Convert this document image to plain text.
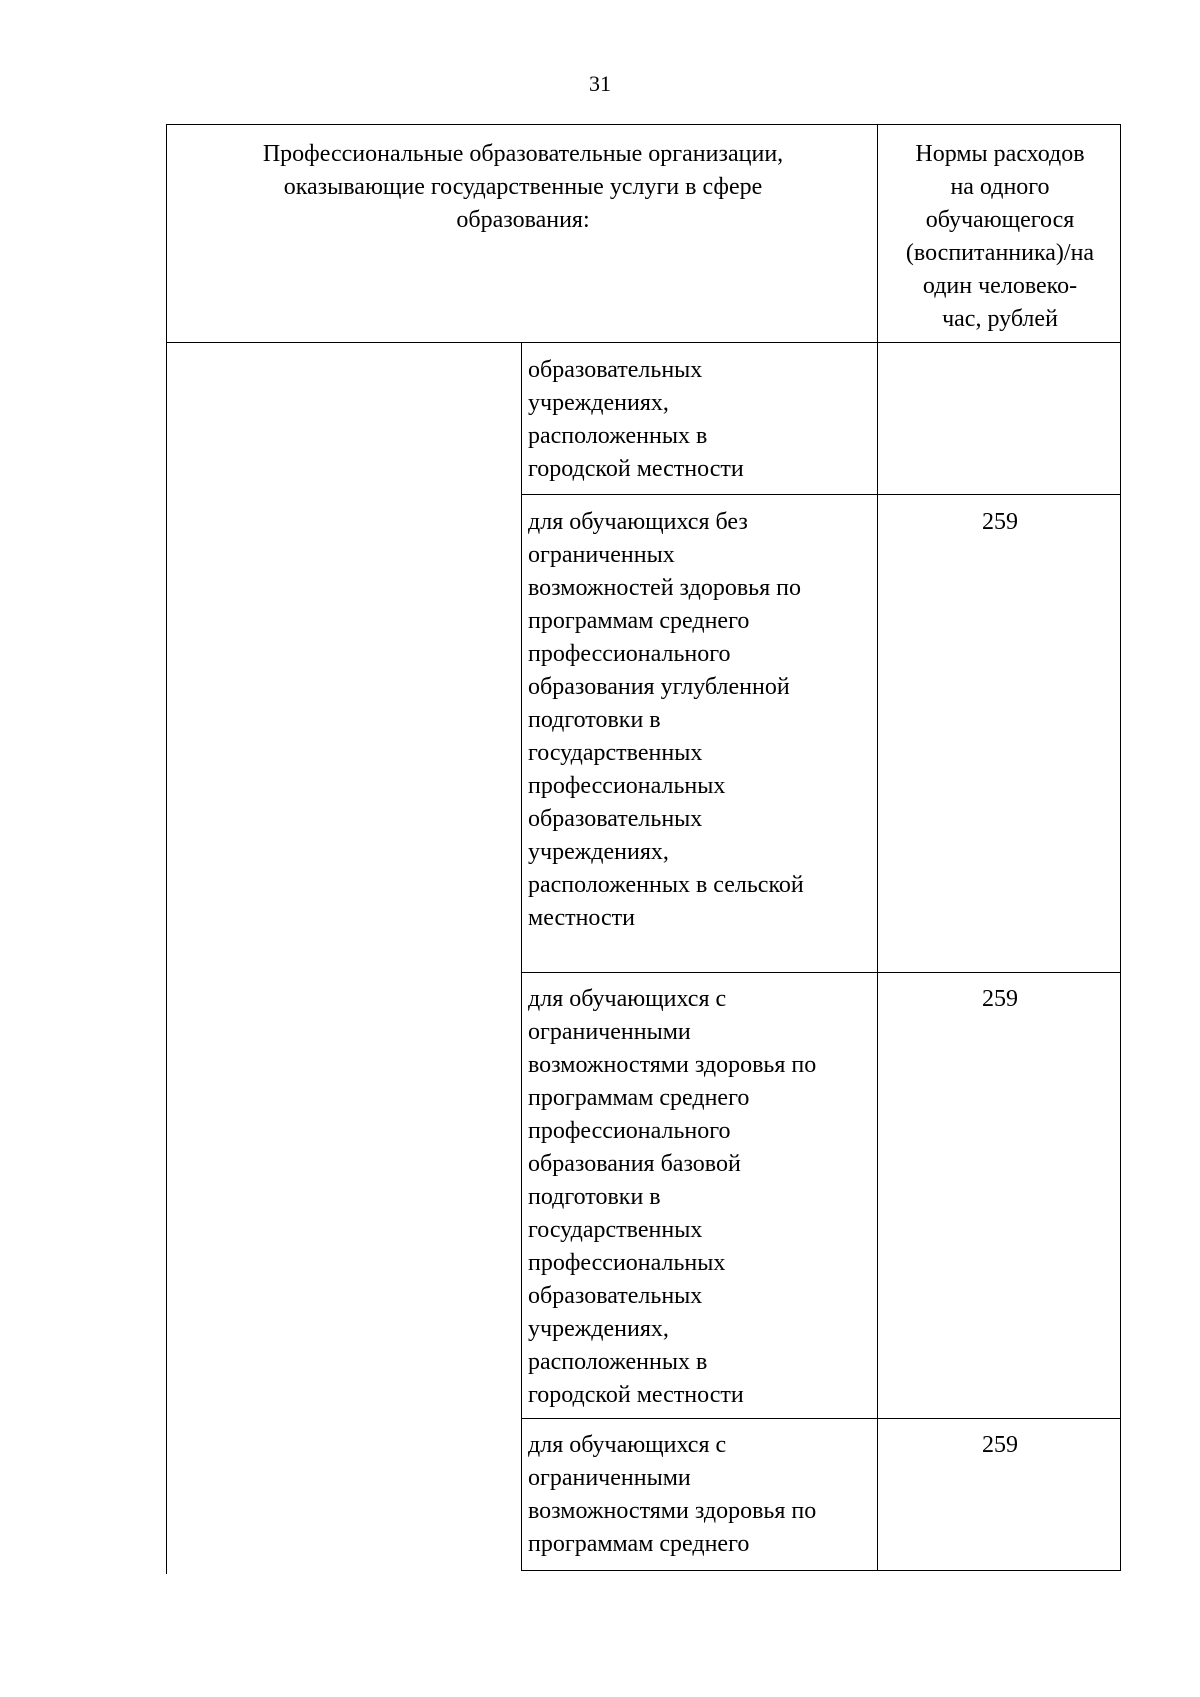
31
Профессиональные образовательные организации,
оказывающие государственные услуги в сфере
образования:
Нормы расходов
на одного
обучающегося
(воспитанника)/на
один человеко-
час, рублей
образовательных
учреждениях,
расположенных в
городской местности
для обучающихся без
ограниченных
возможностей здоровья по
программам среднего
профессионального
образования углубленной
подготовки в
государственных
профессиональных
образовательных
учреждениях,
расположенных в сельской
местности
259
для обучающихся с
ограниченными
возможностями здоровья по
программам среднего
профессионального
образования базовой
подготовки в
государственных
профессиональных
образовательных
учреждениях,
расположенных в
городской местности
259
для обучающихся с
ограниченными
возможностями здоровья по
программам среднего
259
